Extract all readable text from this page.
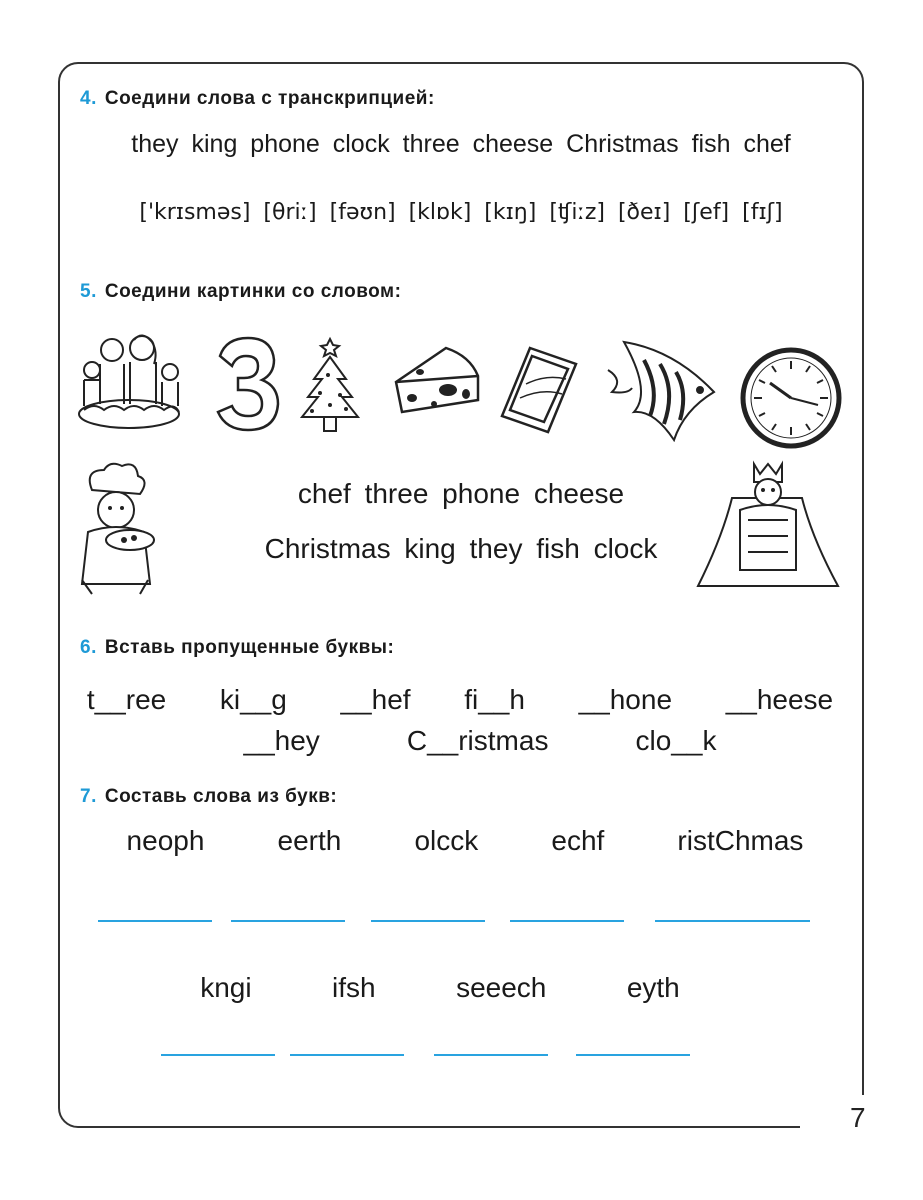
7
4. Соедини слова с транскрипцией:
they king phone clock three cheese Christmas fish chef
['krɪsməs] [θriː] [fəʊn] [klɒk] [kɪŋ] [ʧiːz] [ðeɪ] [ʃef] [fɪʃ]
5. Соедини картинки со словом:
chef three phone cheese
Christmas king they fish clock
6. Вставь пропущенные буквы:
t__ree ki__g __hef fi__h __hone __heese
__hey	C__ristmas	clo__k
7. Составь слова из букв:
neoph	eerth	olcck	echf	ristChmas
kngi	ifsh	seeech	eyth
